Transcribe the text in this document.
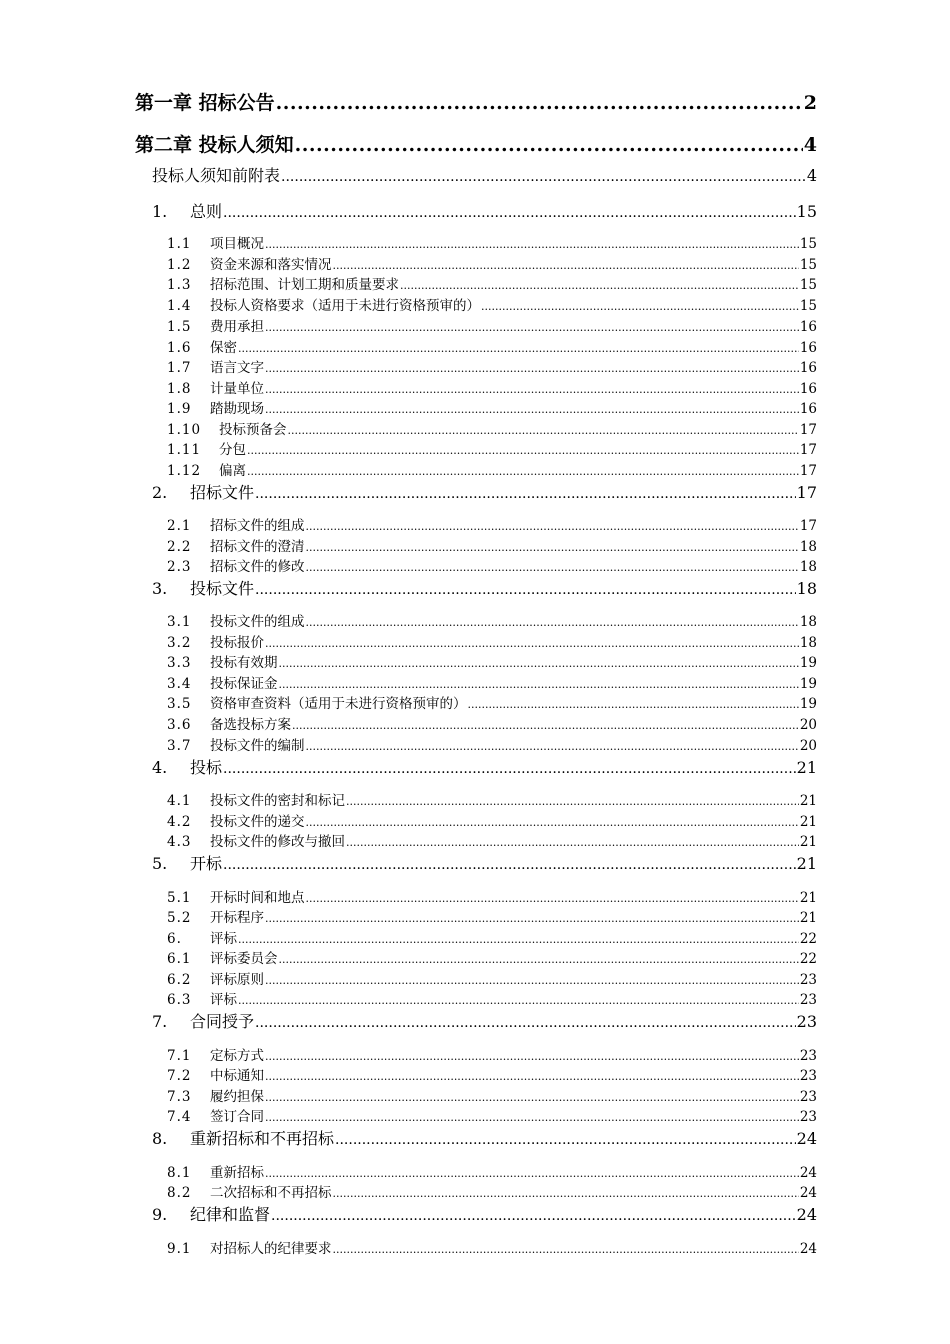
第一章 招标公告 .....	2
第二章 投标人须知 .....	4
投标人须知前附表 .....	4
1. 总则 .....	15
1.1 项目概况 .....	15
1.2 资金来源和落实情况 .....	15
1.3 招标范围、计划工期和质量要求 .....	15
1.4 投标人资格要求（适用于未进行资格预审的） .....	15
1.5 费用承担 .....	16
1.6 保密 .....	16
1.7 语言文字 .....	16
1.8 计量单位 .....	16
1.9 踏勘现场 .....	16
1.10 投标预备会 .....	17
1.11 分包 .....	17
1.12 偏离 .....	17
2. 招标文件 .....	17
2.1 招标文件的组成 .....	17
2.2 招标文件的澄清 .....	18
2.3 招标文件的修改 .....	18
3. 投标文件 .....	18
3.1 投标文件的组成 .....	18
3.2 投标报价 .....	18
3.3 投标有效期 .....	19
3.4 投标保证金 .....	19
3.5 资格审查资料（适用于未进行资格预审的） .....	19
3.6 备选投标方案 .....	20
3.7 投标文件的编制 .....	20
4. 投标 .....	21
4.1 投标文件的密封和标记 .....	21
4.2 投标文件的递交 .....	21
4.3 投标文件的修改与撤回 .....	21
5. 开标 .....	21
5.1 开标时间和地点 .....	21
5.2 开标程序 .....	21
6. 评标 .....	22
6.1 评标委员会 .....	22
6.2 评标原则 .....	23
6.3 评标 .....	23
7. 合同授予 .....	23
7.1 定标方式 .....	23
7.2 中标通知 .....	23
7.3 履约担保 .....	23
7.4 签订合同 .....	23
8. 重新招标和不再招标 .....	24
8.1 重新招标 .....	24
8.2 二次招标和不再招标 .....	24
9. 纪律和监督 .....	24
9.1 对招标人的纪律要求 .....	24
